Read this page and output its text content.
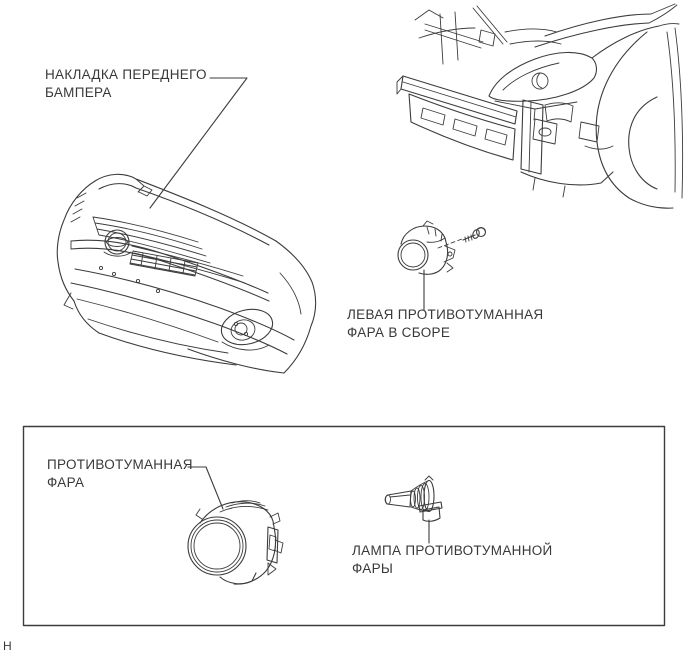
НАКЛАДКА ПЕРЕДНЕГО
БАМПЕРА
ЛЕВАЯ ПРОТИВОТУМАННАЯ
ФАРА В СБОРЕ
ПРОТИВОТУМАННАЯ
ФАРА
ЛАМПА ПРОТИВОТУМАННОЙ
ФАРЫ
H
